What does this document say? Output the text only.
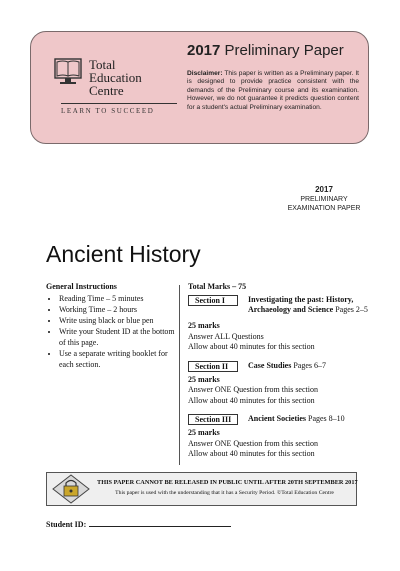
Total
Education
Centre
LEARN TO SUCCEED
2017 Preliminary Paper
Disclaimer: This paper is written as a Preliminary paper. It is designed to provide practice consistent with the demands of the Preliminary course and its examination. However, we do not guarantee it predicts question content for a student's actual Preliminary examination.
2017
PRELIMINARY
EXAMINATION PAPER
Ancient History
General Instructions
• Reading Time – 5 minutes
• Working Time – 2 hours
• Write using black or blue pen
• Write your Student ID at the bottom of this page.
• Use a separate writing booklet for each section.
Total Marks – 75
Section I	Investigating the past: History, Archaeology and Science Pages 2–5
25 marks
Answer ALL Questions
Allow about 40 minutes for this section
Section II	Case Studies Pages 6–7
25 marks
Answer ONE Question from this section
Allow about 40 minutes for this section
Section III	Ancient Societies Pages 8–10
25 marks
Answer ONE Question from this section
Allow about 40 minutes for this section
THIS PAPER CANNOT BE RELEASED IN PUBLIC UNTIL AFTER 20TH SEPTEMBER 2017
This paper is used with the understanding that it has a Security Period. ©Total Education Centre
Student ID:
